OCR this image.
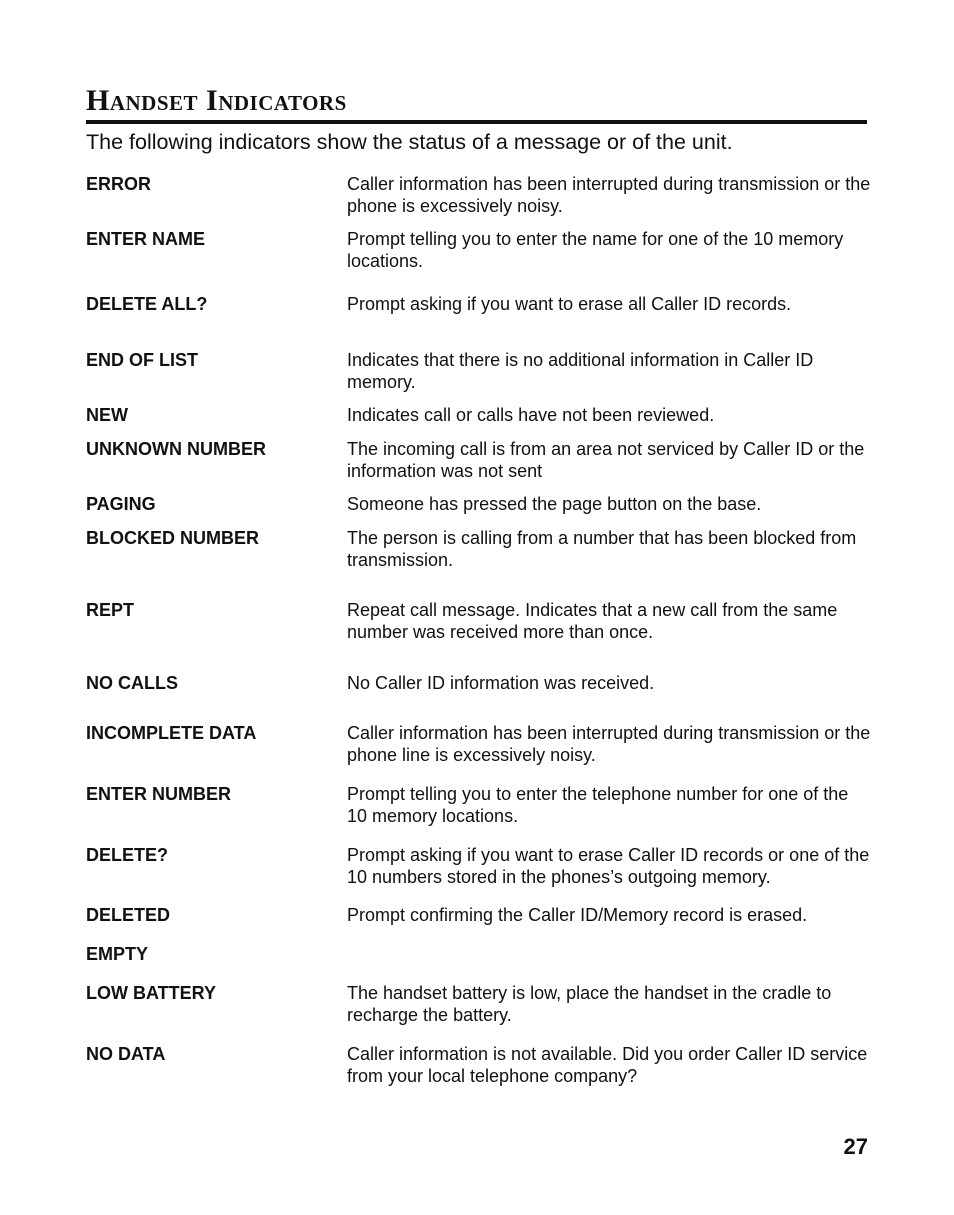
Handset Indicators

The following indicators show the status of a message or of the unit.

ERROR	Caller information has been interrupted during transmission or the phone is excessively noisy.
ENTER NAME	Prompt telling you to enter the name for one of the 10 memory locations.
DELETE ALL?	Prompt asking if you want to erase all Caller ID records.
END OF LIST	Indicates that there is no additional information in Caller ID memory.
NEW	Indicates call or calls have not been reviewed.
UNKNOWN NUMBER	The incoming call is from an area not serviced by Caller ID or the information was not sent
PAGING	Someone has pressed the page button on the base.
BLOCKED NUMBER	The person is calling from a number that has been blocked from transmission.
REPT	Repeat call message. Indicates that a new call from the same number was received more than once.
NO CALLS	No Caller ID information was received.
INCOMPLETE DATA	Caller information has been interrupted during transmission or the phone line is excessively noisy.
ENTER NUMBER	Prompt telling you to enter the telephone number for one of the 10 memory locations.
DELETE?	Prompt asking if you want to erase Caller ID records or one of the 10 numbers stored in the phones’s outgoing memory.
DELETED	Prompt confirming the Caller ID/Memory record is erased.
EMPTY
LOW BATTERY	The handset battery is low, place the handset in the cradle to recharge the battery.
NO DATA	Caller information is not available. Did you order Caller ID service from your local telephone company?
27
